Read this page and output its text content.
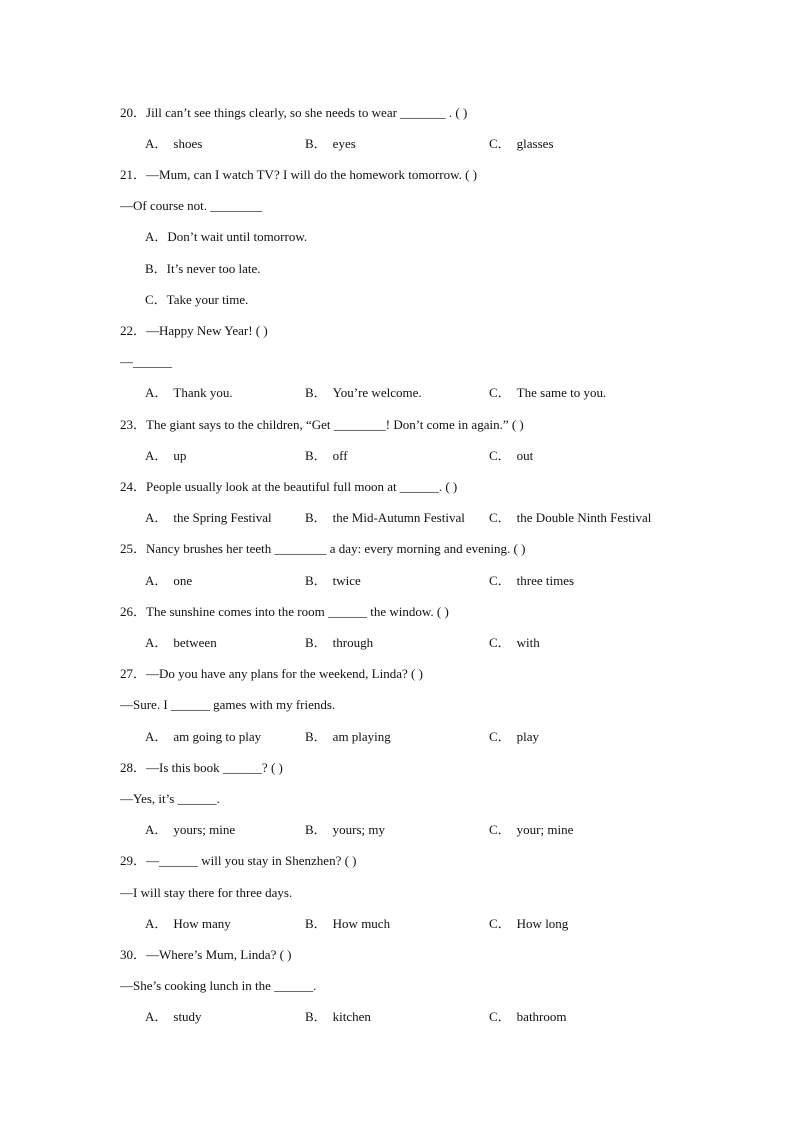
20．Jill can’t see things clearly, so she needs to wear _______ . ( )
A． shoes	B． eyes	C． glasses
21．—Mum, can I watch TV? I will do the homework tomorrow. ( )
—Of course not. ________
A．Don’t wait until tomorrow.
B．It’s never too late.
C．Take your time.
22．—Happy New Year! ( )
—______
A． Thank you.	B． You’re welcome.	C． The same to you.
23．The giant says to the children, “Get ________! Don’t come in again.” ( )
A． up	B． off	C． out
24．People usually look at the beautiful full moon at ______. ( )
A． the Spring Festival	B． the Mid-Autumn Festival C． the Double Ninth Festival
25．Nancy brushes her teeth ________ a day: every morning and evening. ( )
A． one	B． twice	C． three times
26．The sunshine comes into the room ______ the window. ( )
A． between	B． through	C． with
27．—Do you have any plans for the weekend, Linda? ( )
—Sure. I ______ games with my friends.
A． am going to play	B． am playing	C． play
28．—Is this book ______? ( )
—Yes, it’s ______.
A． yours; mine	B． yours; my	C． your; mine
29．—______ will you stay in Shenzhen? ( )
—I will stay there for three days.
A． How many	B． How much	C． How long
30．—Where’s Mum, Linda? ( )
—She’s cooking lunch in the ______.
A． study	B． kitchen	C． bathroom
